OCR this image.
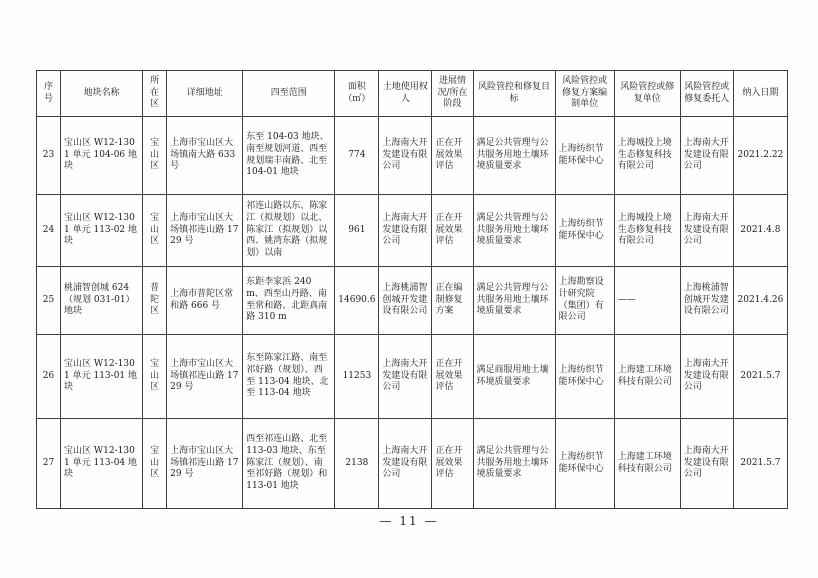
序号	地块名称	所在区	详细地址	四至范围	面积（㎡）	土地使用权人	进展情况/所在阶段	风险管控和修复目标	风险管控或修复方案编制单位	风险管控或修复单位	风险管控或修复委托人	纳入日期
23	宝山区 W12-1301 单元 104-06 地块	宝山区	上海市宝山区大场镇南大路 633 号	东至 104-03 地块、南至规划河道、西至规划瑞丰南路、北至 104-01 地块	774	上海南大开发建设有限公司	正在开展效果评估	满足公共管理与公共服务用地土壤环境质量要求	上海纺织节能环保中心	上海城投上境生态修复科技有限公司	上海南大开发建设有限公司	2021.2.22
24	宝山区 W12-1301 单元 113-02 地块	宝山区	上海市宝山区大场镇祁连山路 1729 号	祁连山路以东、陈家江（拟规划）以北、陈家江（拟规划）以西、姚湾东路（拟规划）以南	961	上海南大开发建设有限公司	正在开展效果评估	满足公共管理与公共服务用地土壤环境质量要求	上海纺织节能环保中心	上海城投上境生态修复科技有限公司	上海南大开发建设有限公司	2021.4.8
25	桃浦智创城 624（规划 031-01）地块	普陀区	上海市普陀区常和路 666 号	东距李家浜 240 m、西至山丹路、南至常和路、北距真南路 310 m	14690.6	上海桃浦智创城开发建设有限公司	正在编制修复方案	满足公共管理与公共服务用地土壤环境质量要求	上海勘察设计研究院（集团）有限公司	——	上海桃浦智创城开发建设有限公司	2021.4.26
26	宝山区 W12-1301 单元 113-01 地块	宝山区	上海市宝山区大场镇祁连山路 1729 号	东至陈家江路、南至祁好路（规划）、西至 113-04 地块、北至 113-04 地块	11253	上海南大开发建设有限公司	正在开展效果评估	满足商服用地土壤环境质量要求	上海纺织节能环保中心	上海建工环境科技有限公司	上海南大开发建设有限公司	2021.5.7
27	宝山区 W12-1301 单元 113-04 地块	宝山区	上海市宝山区大场镇祁连山路 1729 号	西至祁连山路、北至 113-03 地块、东至陈家江（规划）、南至祁好路（规划）和 113-01 地块	2138	上海南大开发建设有限公司	正在开展效果评估	满足公共管理与公共服务用地土壤环境质量要求	上海纺织节能环保中心	上海建工环境科技有限公司	上海南大开发建设有限公司	2021.5.7
— 11 —
